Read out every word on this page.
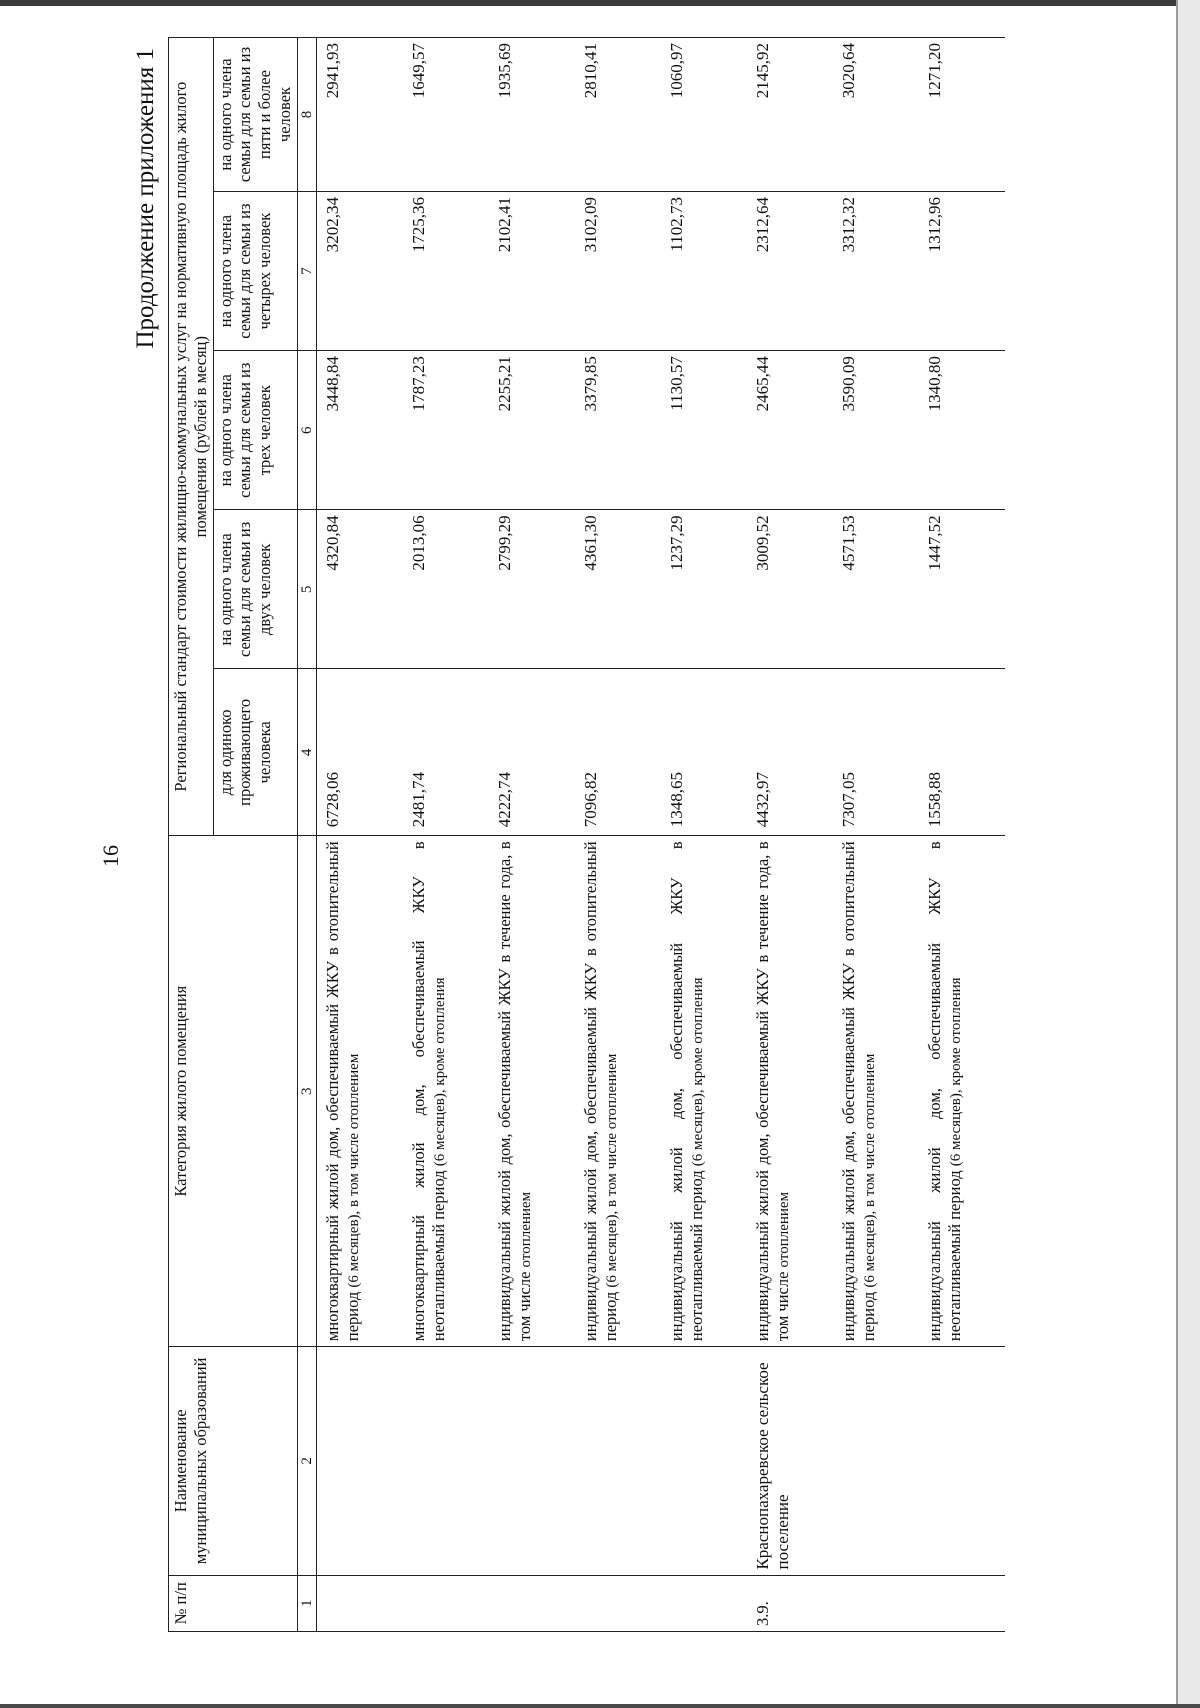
16
Продолжение приложения 1
№ п/п	Наименование муниципальных образований	Категория жилого помещения	Региональный стандарт стоимости жилищно-коммунальных услуг на нормативную площадь жилого помещения (рублей в месяц)				
			для одиноко проживающего человека	на одного члена семьи для семьи из двух человек	на одного члена семьи для семьи из трех человек	на одного члена семьи для семьи из четырех человек	на одного члена семьи для семьи из пяти и более человек
1	2	3	4	5	6	7	8
		многоквартирный жилой дом, обеспечиваемый ЖКУ в отопительный период (6 месяцев), в том числе отоплением	6728,06	4320,84	3448,84	3202,34	2941,93
		многоквартирный жилой дом, обеспечиваемый ЖКУ в неотапливаемый период (6 месяцев), кроме отопления	2481,74	2013,06	1787,23	1725,36	1649,57
		индивидуальный жилой дом, обеспечиваемый ЖКУ в течение года, в том числе отоплением	4222,74	2799,29	2255,21	2102,41	1935,69
		индивидуальный жилой дом, обеспечиваемый ЖКУ в отопительный период (6 месяцев), в том числе отоплением	7096,82	4361,30	3379,85	3102,09	2810,41
		индивидуальный жилой дом, обеспечиваемый ЖКУ в неотапливаемый период (6 месяцев), кроме отопления	1348,65	1237,29	1130,57	1102,73	1060,97
3.9.	Краснопахаревское сельское поселение	индивидуальный жилой дом, обеспечиваемый ЖКУ в течение года, в том числе отоплением	4432,97	3009,52	2465,44	2312,64	2145,92
		индивидуальный жилой дом, обеспечиваемый ЖКУ в отопительный период (6 месяцев), в том числе отоплением	7307,05	4571,53	3590,09	3312,32	3020,64
		индивидуальный жилой дом, обеспечиваемый ЖКУ в неотапливаемый период (6 месяцев), кроме отопления	1558,88	1447,52	1340,80	1312,96	1271,20
